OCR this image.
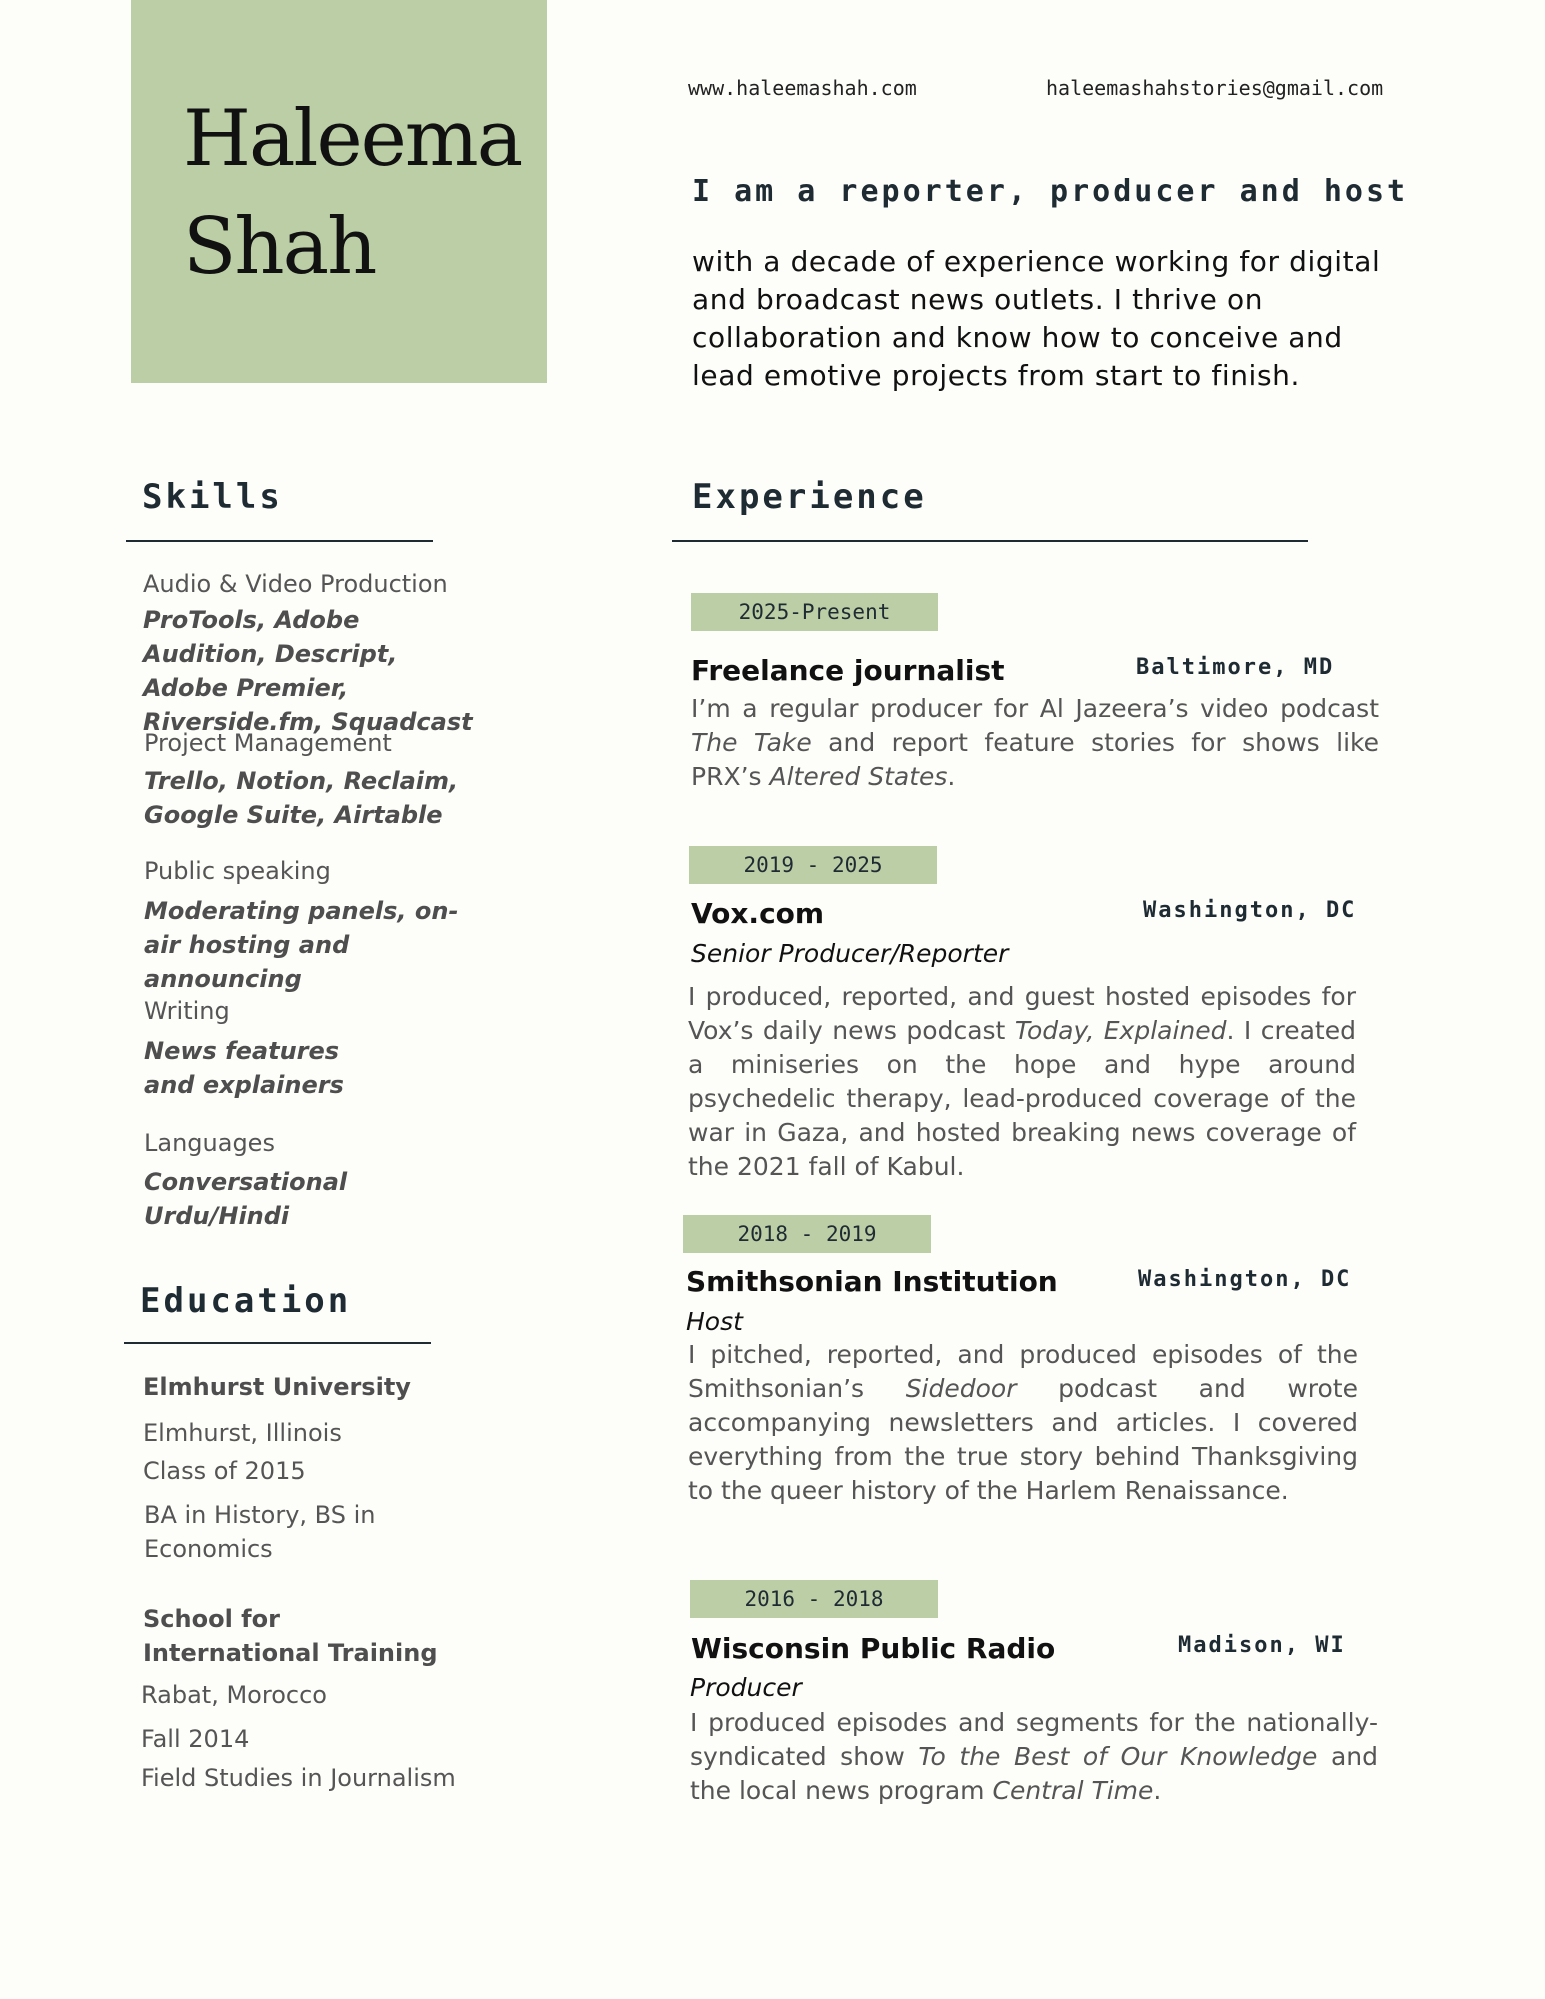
Haleema
Shah
www.haleemashah.com	haleemashahstories@gmail.com
I am a reporter, producer and host
with a decade of experience working for digital and broadcast news outlets. I thrive on collaboration and know how to conceive and lead emotive projects from start to finish.
Skills
Audio & Video Production
ProTools, Adobe Audition, Descript, Adobe Premier, Riverside.fm, Squadcast
Project Management
Trello, Notion, Reclaim, Google Suite, Airtable
Public speaking
Moderating panels, on-air hosting and announcing
Writing
News features and explainers
Languages
Conversational Urdu/Hindi
Education
Elmhurst University
Elmhurst, Illinois
Class of 2015
BA in History, BS in Economics
School for International Training
Rabat, Morocco
Fall 2014
Field Studies in Journalism
Experience
2025-Present
Freelance journalist	Baltimore, MD
I’m a regular producer for Al Jazeera’s video podcast The Take and report feature stories for shows like PRX’s Altered States.
2019 - 2025
Vox.com	Washington, DC
Senior Producer/Reporter
I produced, reported, and guest hosted episodes for Vox’s daily news podcast Today, Explained. I created a miniseries on the hope and hype around psychedelic therapy, lead-produced coverage of the war in Gaza, and hosted breaking news coverage of the 2021 fall of Kabul.
2018 - 2019
Smithsonian Institution	Washington, DC
Host
I pitched, reported, and produced episodes of the Smithsonian’s Sidedoor podcast and wrote accompanying newsletters and articles. I covered everything from the true story behind Thanksgiving to the queer history of the Harlem Renaissance.
2016 - 2018
Wisconsin Public Radio	Madison, WI
Producer
I produced episodes and segments for the nationally-syndicated show To the Best of Our Knowledge and the local news program Central Time.
